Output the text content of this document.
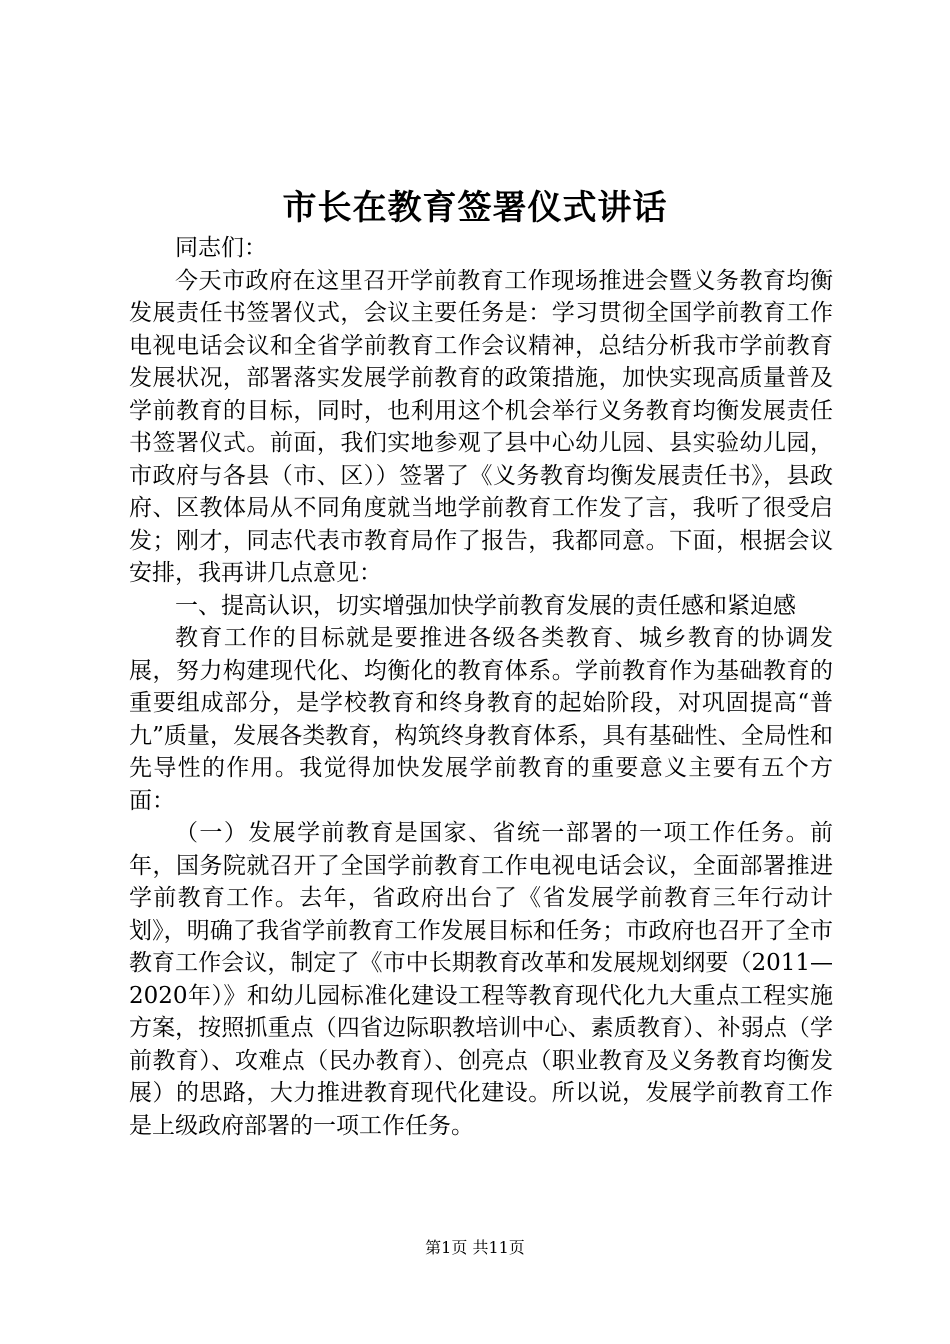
市长在教育签署仪式讲话

同志们：

今天市政府在这里召开学前教育工作现场推进会暨义务教育均衡发展责任书签署仪式，会议主要任务是：学习贯彻全国学前教育工作电视电话会议和全省学前教育工作会议精神，总结分析我市学前教育发展状况，部署落实发展学前教育的政策措施，加快实现高质量普及学前教育的目标，同时，也利用这个机会举行义务教育均衡发展责任书签署仪式。前面，我们实地参观了县中心幼儿园、县实验幼儿园，市政府与各县（市、区））签署了《义务教育均衡发展责任书》，县政府、区教体局从不同角度就当地学前教育工作发了言，我听了很受启发；刚才，同志代表市教育局作了报告，我都同意。下面，根据会议安排，我再讲几点意见：

一、提高认识，切实增强加快学前教育发展的责任感和紧迫感

教育工作的目标就是要推进各级各类教育、城乡教育的协调发展，努力构建现代化、均衡化的教育体系。学前教育作为基础教育的重要组成部分，是学校教育和终身教育的起始阶段，对巩固提高“普九”质量，发展各类教育，构筑终身教育体系，具有基础性、全局性和先导性的作用。我觉得加快发展学前教育的重要意义主要有五个方面：

（一）发展学前教育是国家、省统一部署的一项工作任务。前年，国务院就召开了全国学前教育工作电视电话会议，全面部署推进学前教育工作。去年，省政府出台了《省发展学前教育三年行动计划》，明确了我省学前教育工作发展目标和任务；市政府也召开了全市教育工作会议，制定了《市中长期教育改革和发展规划纲要（2011—2020年）》和幼儿园标准化建设工程等教育现代化九大重点工程实施方案，按照抓重点（四省边际职教培训中心、素质教育）、补弱点（学前教育）、攻难点（民办教育）、创亮点（职业教育及义务教育均衡发展）的思路，大力推进教育现代化建设。所以说，发展学前教育工作是上级政府部署的一项工作任务。

第1页 共11页
